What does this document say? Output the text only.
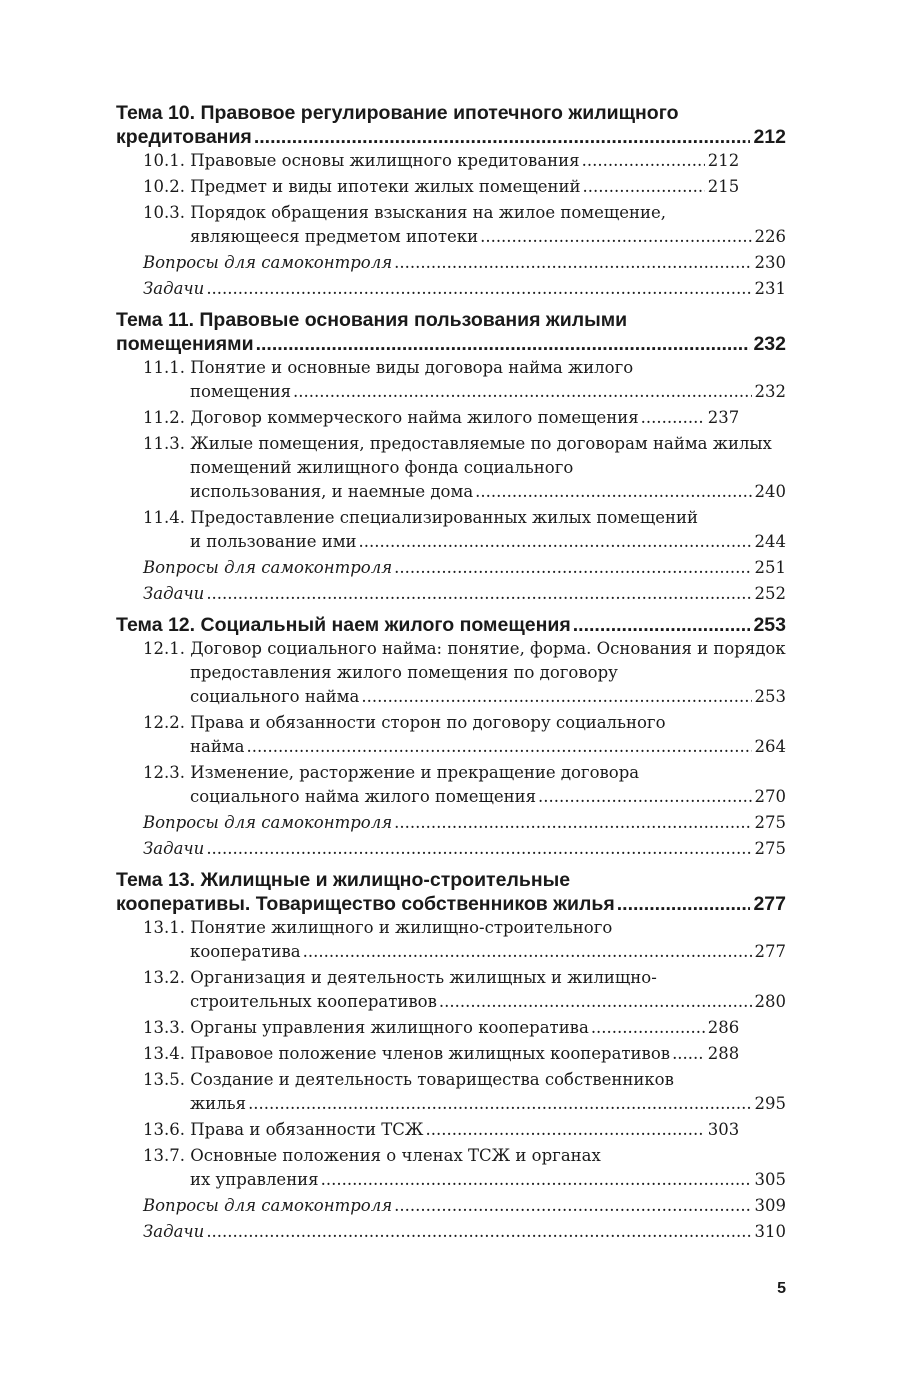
Тема 10. Правовое регулирование ипотечного жилищного
кредитования .....	212
10.1. Правовые основы жилищного кредитования .....	212
10.2. Предмет и виды ипотеки жилых помещений .....	215
10.3. Порядок обращения взыскания на жилое помещение,
являющееся предметом ипотеки .....	226
Вопросы для самоконтроля .....	230
Задачи .....	231
Тема 11. Правовые основания пользования жилыми
помещениями .....	232
11.1. Понятие и основные виды договора найма жилого
помещения .....	232
11.2. Договор коммерческого найма жилого помещения .....	237
11.3. Жилые помещения, предоставляемые по договорам найма жилых помещений жилищного фонда социального
использования, и наемные дома .....	240
11.4. Предоставление специализированных жилых помещений
и пользование ими .....	244
Вопросы для самоконтроля .....	251
Задачи .....	252
Тема 12. Социальный наем жилого помещения .....	253
12.1. Договор социального найма: понятие, форма. Основания и порядок предоставления жилого помещения по договору
социального найма .....	253
12.2. Права и обязанности сторон по договору социального
найма .....	264
12.3. Изменение, расторжение и прекращение договора
социального найма жилого помещения .....	270
Вопросы для самоконтроля .....	275
Задачи .....	275
Тема 13. Жилищные и жилищно-строительные
кооперативы. Товарищество собственников жилья .....	277
13.1. Понятие жилищного и жилищно-строительного
кооператива .....	277
13.2. Организация и деятельность жилищных и жилищно-
строительных кооперативов .....	280
13.3. Органы управления жилищного кооператива .....	286
13.4. Правовое положение членов жилищных кооперативов ..... 288
13.5. Создание и деятельность товарищества собственников
жилья .....	295
13.6. Права и обязанности ТСЖ .....	303
13.7. Основные положения о членах ТСЖ и органах
их управления .....	305
Вопросы для самоконтроля .....	309
Задачи .....	310
5
